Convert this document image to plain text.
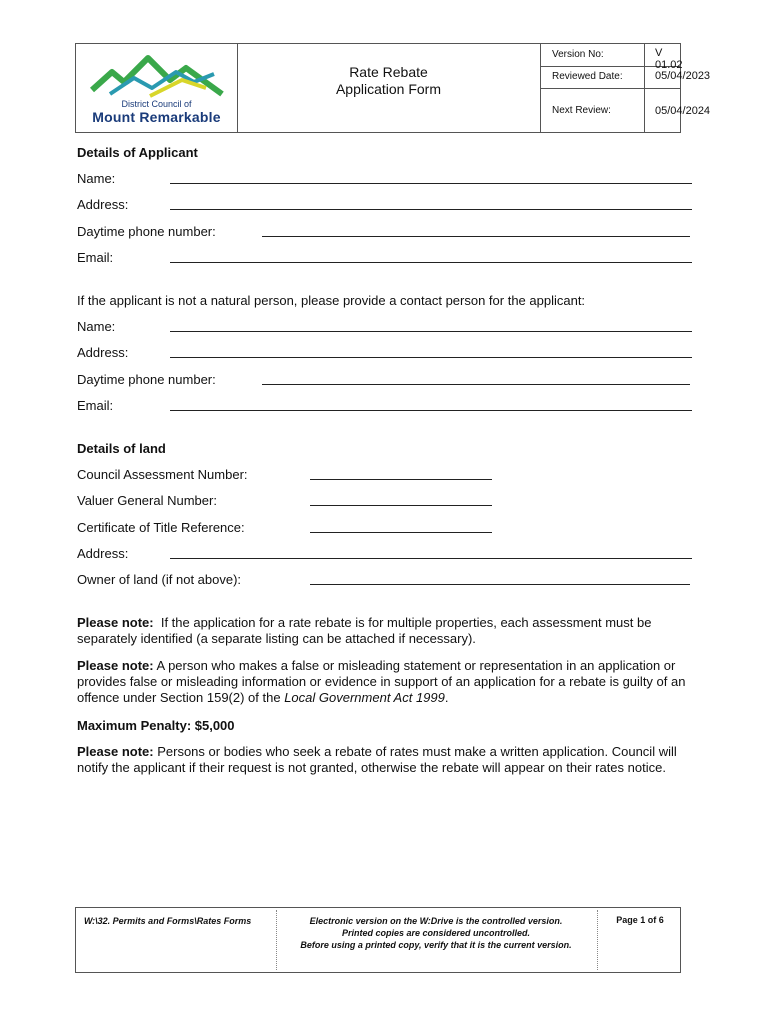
District Council of
Mount Remarkable
Rate Rebate
Application Form
Version No:
Reviewed Date:
Next Review:
V 01.02
05/04/2023
05/04/2024
Details of Applicant
Name:
Address:
Daytime phone number:
Email:
If the applicant is not a natural person, please provide a contact person for the applicant:
Name:
Address:
Daytime phone number:
Email:
Details of land
Council Assessment Number:
Valuer General Number:
Certificate of Title Reference:
Address:
Owner of land (if not above):
Please note: If the application for a rate rebate is for multiple properties, each assessment must be separately identified (a separate listing can be attached if necessary).
Please note: A person who makes a false or misleading statement or representation in an application or provides false or misleading information or evidence in support of an application for a rebate is guilty of an offence under Section 159(2) of the Local Government Act 1999.
Maximum Penalty: $5,000
Please note: Persons or bodies who seek a rebate of rates must make a written application. Council will notify the applicant if their request is not granted, otherwise the rebate will appear on their rates notice.
W:\32. Permits and Forms\Rates Forms	Electronic version on the W:Drive is the controlled version.
Printed copies are considered uncontrolled.
Before using a printed copy, verify that it is the current version.
Page 1 of 6
